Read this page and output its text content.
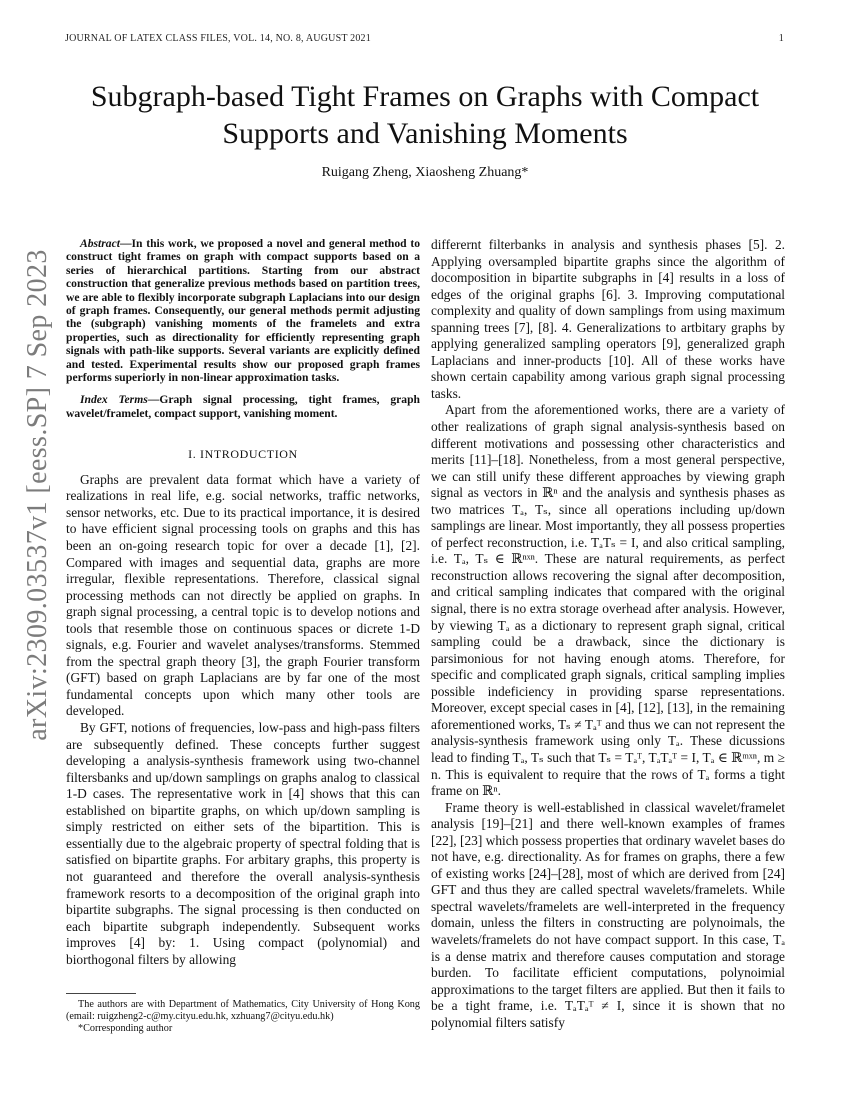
JOURNAL OF LATEX CLASS FILES, VOL. 14, NO. 8, AUGUST 2021	1
arXiv:2309.03537v1 [eess.SP] 7 Sep 2023
Subgraph-based Tight Frames on Graphs with Compact Supports and Vanishing Moments
Ruigang Zheng, Xiaosheng Zhuang*

Abstract—In this work, we proposed a novel and general method to construct tight frames on graph with compact supports based on a series of hierarchical partitions. Starting from our abstract construction that generalize previous methods based on partition trees, we are able to flexibly incorporate subgraph Laplacians into our design of graph frames. Consequently, our general methods permit adjusting the (subgraph) vanishing moments of the framelets and extra properties, such as directionality for efficiently representing graph signals with path-like supports. Several variants are explicitly defined and tested. Experimental results show our proposed graph frames performs superiorly in non-linear approximation tasks.

Index Terms—Graph signal processing, tight frames, graph wavelet/framelet, compact support, vanishing moment.

I. INTRODUCTION

Graphs are prevalent data format which have a variety of realizations in real life, e.g. social networks, traffic networks, sensor networks, etc. Due to its practical importance, it is desired to have efficient signal processing tools on graphs and this has been an on-going research topic for over a decade [1], [2]. Compared with images and sequential data, graphs are more irregular, flexible representations. Therefore, classical signal processing methods can not directly be applied on graphs. In graph signal processing, a central topic is to develop notions and tools that resemble those on continuous spaces or dicrete 1-D signals, e.g. Fourier and wavelet analyses/transforms. Stemmed from the spectral graph theory [3], the graph Fourier transform (GFT) based on graph Laplacians are by far one of the most fundamental concepts upon which many other tools are developed.

By GFT, notions of frequencies, low-pass and high-pass filters are subsequently defined. These concepts further suggest developing a analysis-synthesis framework using two-channel filtersbanks and up/down samplings on graphs analog to classical 1-D cases. The representative work in [4] shows that this can established on bipartite graphs, on which up/down sampling is simply restricted on either sets of the bipartition. This is essentially due to the algebraic property of spectral folding that is satisfied on bipartite graphs. For arbitary graphs, this property is not guaranteed and therefore the overall analysis-synthesis framework resorts to a decomposition of the original graph into bipartite subgraphs. The signal processing is then conducted on each bipartite subgraph independently. Subsequent works improves [4] by: 1. Using compact (polynomial) and biorthogonal filters by allowing

differernt filterbanks in analysis and synthesis phases [5]. 2. Applying oversampled bipartite graphs since the algorithm of docomposition in bipartite subgraphs in [4] results in a loss of edges of the original graphs [6]. 3. Improving computational complexity and quality of down samplings from using maximum spanning trees [7], [8]. 4. Generalizations to artbitary graphs by applying generalized sampling operators [9], generalized graph Laplacians and inner-products [10]. All of these works have shown certain capability among various graph signal processing tasks.

Apart from the aforementioned works, there are a variety of other realizations of graph signal analysis-synthesis based on different motivations and possessing other characteristics and merits [11]–[18]. Nonetheless, from a most general perspective, we can still unify these different approaches by viewing graph signal as vectors in ℝⁿ and the analysis and synthesis phases as two matrices Tₐ, Tₛ, since all operations including up/down samplings are linear. Most importantly, they all possess properties of perfect reconstruction, i.e. TₐTₛ = I, and also critical sampling, i.e. Tₐ, Tₛ ∈ ℝⁿˣⁿ. These are natural requirements, as perfect reconstruction allows recovering the signal after decomposition, and critical sampling indicates that compared with the original signal, there is no extra storage overhead after analysis. However, by viewing Tₐ as a dictionary to represent graph signal, critical sampling could be a drawback, since the dictionary is parsimonious for not having enough atoms. Therefore, for specific and complicated graph signals, critical sampling implies possible indeficiency in providing sparse representations. Moreover, except special cases in [4], [12], [13], in the remaining aforementioned works, Tₛ ≠ Tₐᵀ and thus we can not represent the analysis-synthesis framework using only Tₐ. These dicussions lead to finding Tₐ, Tₛ such that Tₛ = Tₐᵀ, TₐTₐᵀ = I, Tₐ ∈ ℝᵐˣⁿ, m ≥ n. This is equivalent to require that the rows of Tₐ forms a tight frame on ℝⁿ.

Frame theory is well-established in classical wavelet/framelet analysis [19]–[21] and there well-known examples of frames [22], [23] which possess properties that ordinary wavelet bases do not have, e.g. directionality. As for frames on graphs, there a few of existing works [24]–[28], most of which are derived from [24] GFT and thus they are called spectral wavelets/framelets. While spectral wavelets/framelets are well-interpreted in the frequency domain, unless the filters in constructing are polynoimals, the wavelets/framelets do not have compact support. In this case, Tₐ is a dense matrix and therefore causes computation and storage burden. To facilitate efficient computations, polynoimial approximations to the target filters are applied. But then it fails to be a tight frame, i.e. TₐTₐᵀ ≠ I, since it is shown that no polynomial filters satisfy

The authors are with Department of Mathematics, City University of Hong Kong (email: ruigzheng2-c@my.cityu.edu.hk, xzhuang7@cityu.edu.hk)

*Corresponding author
